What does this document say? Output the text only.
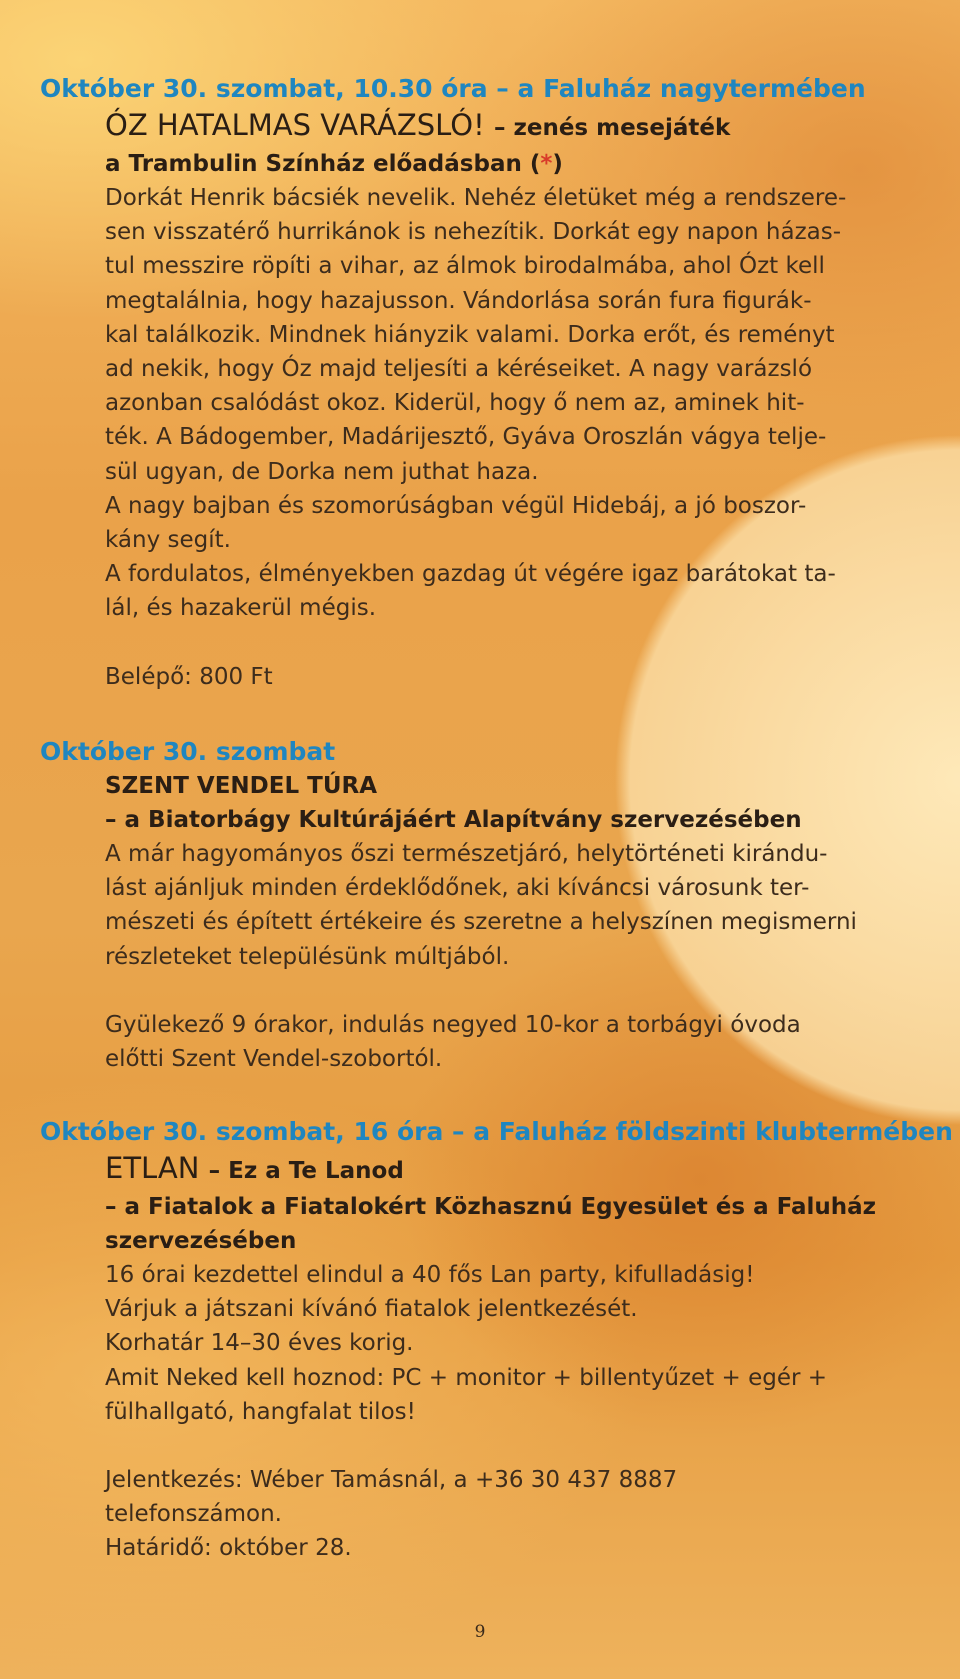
Október 30. szombat, 10.30 óra – a Faluház nagytermében
ÓZ HATALMAS VARÁZSLÓ! – zenés mesejáték
a Trambulin Színház előadásban (*)

Dorkát Henrik bácsiék nevelik. Nehéz életüket még a rendszere-

sen visszatérő hurrikánok is nehezítik. Dorkát egy napon házas-

tul messzire röpíti a vihar, az álmok birodalmába, ahol Ózt kell

megtalálnia, hogy hazajusson. Vándorlása során fura figurák-

kal találkozik. Mindnek hiányzik valami. Dorka erőt, és reményt

ad nekik, hogy Óz majd teljesíti a kéréseiket. A nagy varázsló

azonban csalódást okoz. Kiderül, hogy ő nem az, aminek hit-

ték. A Bádogember, Madárijesztő, Gyáva Oroszlán vágya telje-

sül ugyan, de Dorka nem juthat haza.

A nagy bajban és szomorúságban végül Hidebáj, a jó boszor-

kány segít.

A fordulatos, élményekben gazdag út végére igaz barátokat ta-

lál, és hazakerül mégis.

Belépő: 800 Ft

Október 30. szombat
SZENT VENDEL TÚRA
– a Biatorbágy Kultúrájáért Alapítvány szervezésében

A már hagyományos őszi természetjáró, helytörténeti kirándu-

lást ajánljuk minden érdeklődőnek, aki kíváncsi városunk ter-

mészeti és épített értékeire és szeretne a helyszínen megismerni

részleteket településünk múltjából.

Gyülekező 9 órakor, indulás negyed 10-kor a torbágyi óvoda

előtti Szent Vendel-szobortól.

Október 30. szombat, 16 óra – a Faluház földszinti klubtermében
ETLAN – Ez a Te Lanod
– a Fiatalok a Fiatalokért Közhasznú Egyesület és a Faluház
szervezésében

16 órai kezdettel elindul a 40 fős Lan party, kifulladásig!

Várjuk a játszani kívánó fiatalok jelentkezését.

Korhatár 14–30 éves korig.

Amit Neked kell hoznod: PC + monitor + billentyűzet + egér +

fülhallgató, hangfalat tilos!

Jelentkezés: Wéber Tamásnál, a +36 30 437 8887

telefonszámon.

Határidő: október 28.

9
